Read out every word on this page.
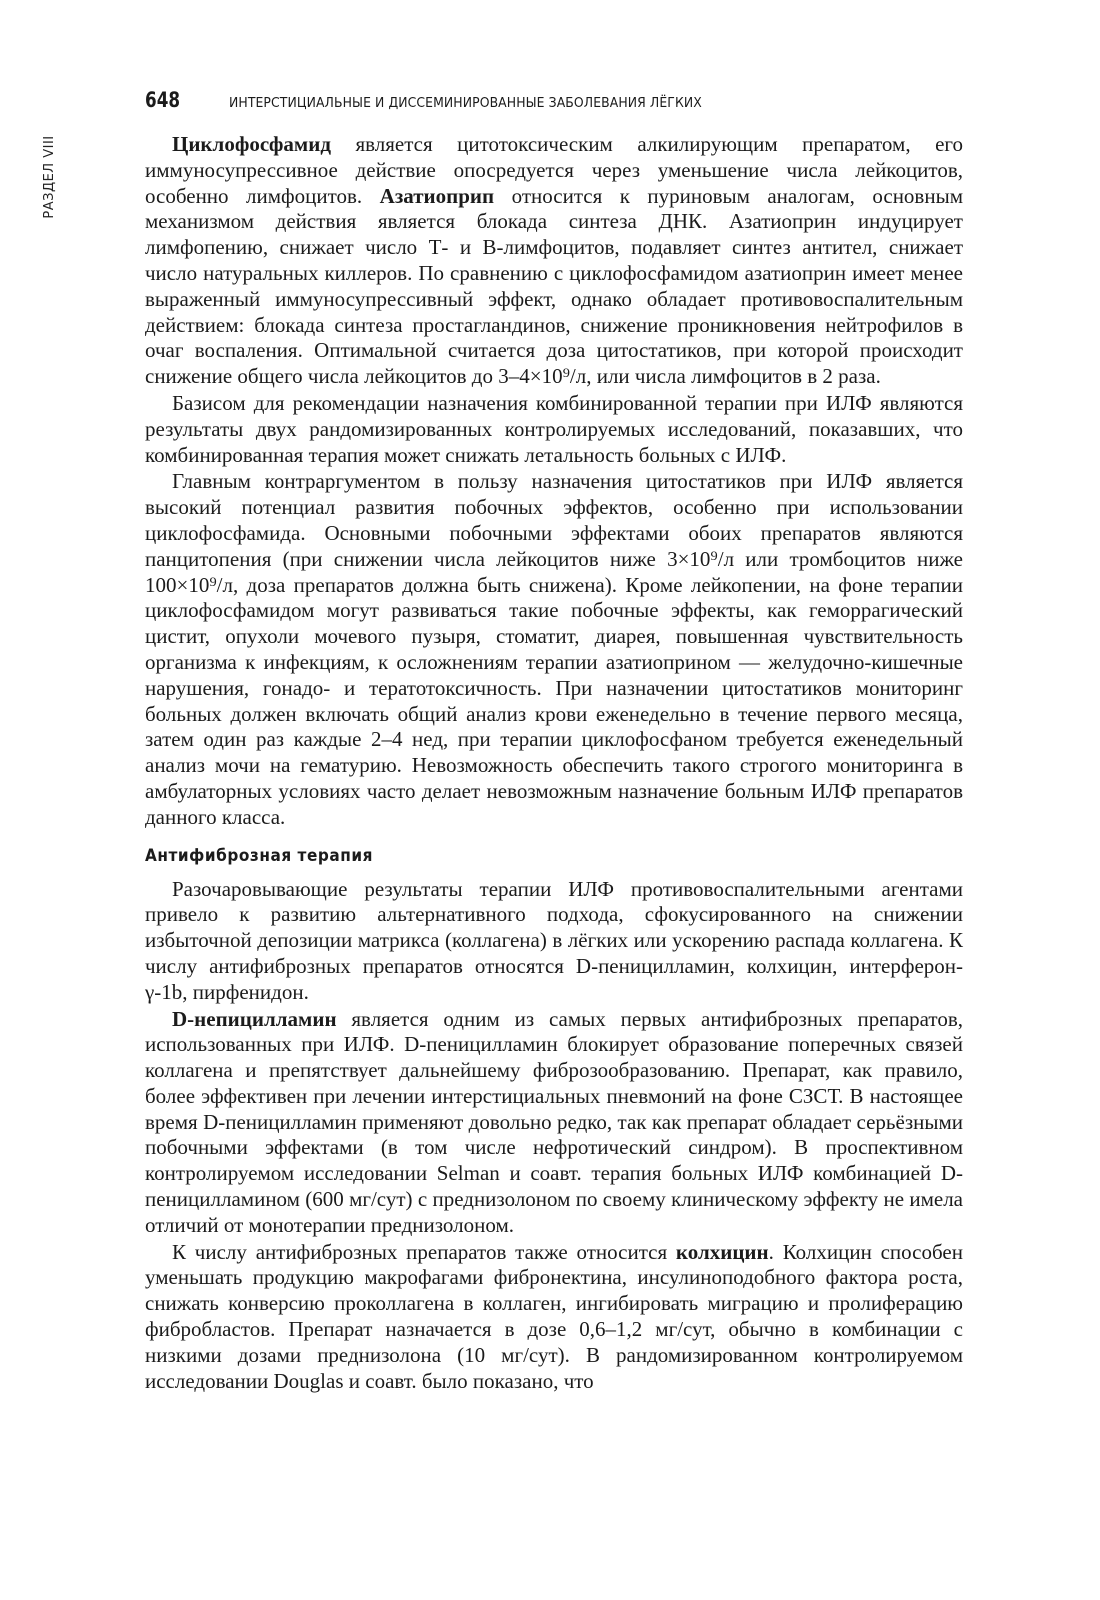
РАЗДЕЛ VIII
648	ИНТЕРСТИЦИАЛЬНЫЕ И ДИССЕМИНИРОВАННЫЕ ЗАБОЛЕВАНИЯ ЛЁГКИХ

Циклофосфамид является цитотоксическим алкилирующим препаратом, его иммуносупрессивное действие опосредуется через уменьшение числа лейкоцитов, особенно лимфоцитов. Азатиоприп относится к пуриновым аналогам, основным механизмом действия является блокада синтеза ДНК. Азатиоприн индуцирует лимфопению, снижает число Т- и В-лимфоцитов, подавляет синтез антител, снижает число натуральных киллеров. По сравнению с циклофосфамидом азатиоприн имеет менее выраженный иммуносупрессивный эффект, однако обладает противовоспалительным действием: блокада синтеза простагландинов, снижение проникновения нейтрофилов в очаг воспаления. Оптимальной считается доза цитостатиков, при которой происходит снижение общего числа лейкоцитов до 3–4×10⁹/л, или числа лимфоцитов в 2 раза.

Базисом для рекомендации назначения комбинированной терапии при ИЛФ являются результаты двух рандомизированных контролируемых исследований, показавших, что комбинированная терапия может снижать летальность больных с ИЛФ.

Главным контраргументом в пользу назначения цитостатиков при ИЛФ является высокий потенциал развития побочных эффектов, особенно при использовании циклофосфамида. Основными побочными эффектами обоих препаратов являются панцитопения (при снижении числа лейкоцитов ниже 3×10⁹/л или тромбоцитов ниже 100×10⁹/л, доза препаратов должна быть снижена). Кроме лейкопении, на фоне терапии циклофосфамидом могут развиваться такие побочные эффекты, как геморрагический цистит, опухоли мочевого пузыря, стоматит, диарея, повышенная чувствительность организма к инфекциям, к осложнениям терапии азатиоприном — желудочно-кишечные нарушения, гонадо- и тератотоксичность. При назначении цитостатиков мониторинг больных должен включать общий анализ крови еженедельно в течение первого месяца, затем один раз каждые 2–4 нед, при терапии циклофосфаном требуется еженедельный анализ мочи на гематурию. Невозможность обеспечить такого строгого мониторинга в амбулаторных условиях часто делает невозможным назначение больным ИЛФ препаратов данного класса.

Антифиброзная терапия

Разочаровывающие результаты терапии ИЛФ противовоспалительными агентами привело к развитию альтернативного подхода, сфокусированного на снижении избыточной депозиции матрикса (коллагена) в лёгких или ускорению распада коллагена. К числу антифиброзных препаратов относятся D-пеницилламин, колхицин, интерферон-γ-1b, пирфенидон.

D-непицилламин является одним из самых первых антифиброзных препаратов, использованных при ИЛФ. D-пеницилламин блокирует образование поперечных связей коллагена и препятствует дальнейшему фиброзообразованию. Препарат, как правило, более эффективен при лечении интерстициальных пневмоний на фоне СЗСТ. В настоящее время D-пеницилламин применяют довольно редко, так как препарат обладает серьёзными побочными эффектами (в том числе нефротический синдром). В проспективном контролируемом исследовании Selman и соавт. терапия больных ИЛФ комбинацией D-пеницилламином (600 мг/сут) с преднизолоном по своему клиническому эффекту не имела отличий от монотерапии преднизолоном.

К числу антифиброзных препаратов также относится колхицин. Колхицин способен уменьшать продукцию макрофагами фибронектина, инсулиноподобного фактора роста, снижать конверсию проколлагена в коллаген, ингибировать миграцию и пролиферацию фибробластов. Препарат назначается в дозе 0,6–1,2 мг/сут, обычно в комбинации с низкими дозами преднизолона (10 мг/сут). В рандомизированном контролируемом исследовании Douglas и соавт. было показано, что
